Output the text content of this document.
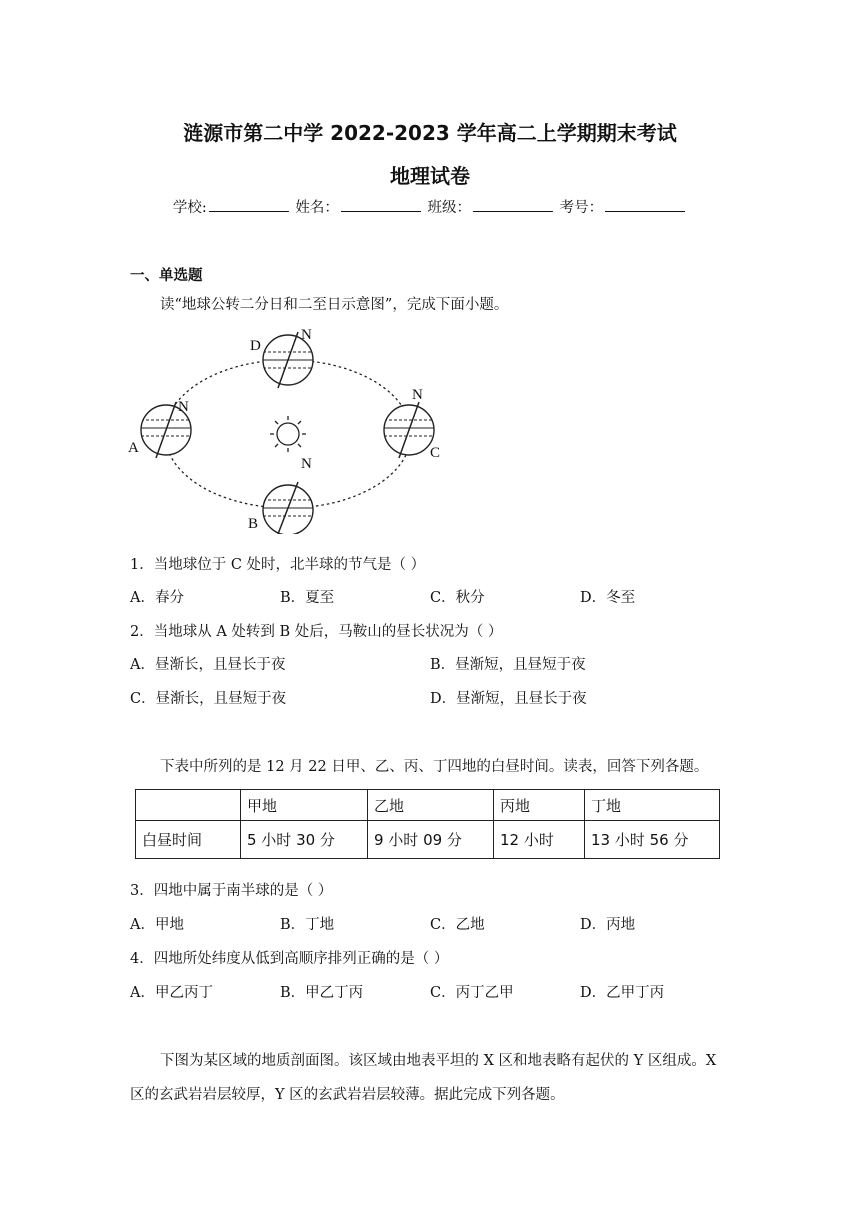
涟源市第二中学 2022-2023 学年高二上学期期末考试
地理试卷
学校:	姓名：	班级：	考号：
一、单选题
读“地球公转二分日和二至日示意图”，完成下面小题。
D
N
A
N
N
C
N
B
1．当地球位于 C 处时，北半球的节气是（ ）
A．春分	B．夏至	C．秋分	D．冬至
2．当地球从 A 处转到 B 处后，马鞍山的昼长状况为（ ）
A．昼渐长，且昼长于夜	B．昼渐短，且昼短于夜
C．昼渐长，且昼短于夜	D．昼渐短，且昼长于夜
下表中所列的是 12 月 22 日甲、乙、丙、丁四地的白昼时间。读表，回答下列各题。
	甲地	乙地	丙地	丁地
白昼时间	5 小时 30 分	9 小时 09 分	12 小时	13 小时 56 分
3．四地中属于南半球的是（ ）
A．甲地	B．丁地	C．乙地	D．丙地
4．四地所处纬度从低到高顺序排列正确的是（ ）
A．甲乙丙丁	B．甲乙丁丙	C．丙丁乙甲	D．乙甲丁丙
下图为某区域的地质剖面图。该区域由地表平坦的 X 区和地表略有起伏的 Y 区组成。X
区的玄武岩岩层较厚，Y 区的玄武岩岩层较薄。据此完成下列各题。
